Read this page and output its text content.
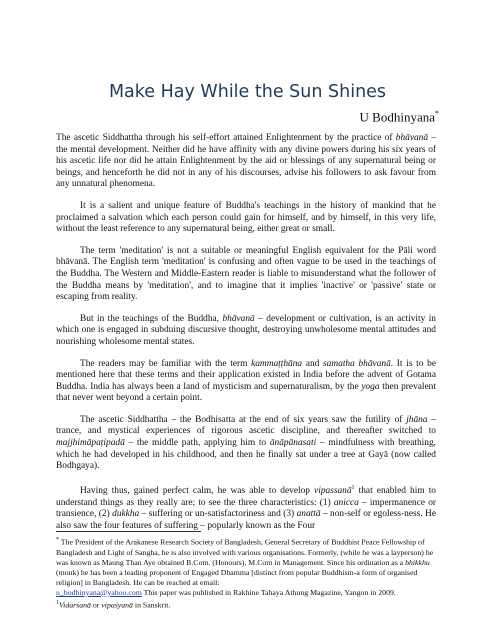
Make Hay While the Sun Shines
U Bodhinyana*

The ascetic Siddhattha through his self-effort attained Enlightenment by the practice of bhāvanā – the mental development. Neither did he have affinity with any divine powers during his six years of his ascetic life nor did he attain Enlightenment by the aid or blessings of any supernatural being or beings, and henceforth he did not in any of his discourses, advise his followers to ask favour from any unnatural phenomena.

It is a salient and unique feature of Buddha's teachings in the history of mankind that he proclaimed a salvation which each person could gain for himself, and by himself, in this very life, without the least reference to any supernatural being, either great or small.

The term 'meditation' is not a suitable or meaningful English equivalent for the Pāli word bhāvanā. The English term 'meditation' is confusing and often vague to be used in the teachings of the Buddha. The Western and Middle-Eastern reader is liable to misunderstand what the follower of the Buddha means by 'meditation', and to imagine that it implies 'inactive' or 'passive' state or escaping from reality.

But in the teachings of the Buddha, bhāvanā – development or cultivation, is an activity in which one is engaged in subduing discursive thought, destroying unwholesome mental attitudes and nourishing wholesome mental states.

The readers may be familiar with the term kammaṭṭhāna and samatha bhāvanā. It is to be mentioned here that these terms and their application existed in India before the advent of Gotama Buddha. India has always been a land of mysticism and supernaturalism, by the yoga then prevalent that never went beyond a certain point.

The ascetic Siddhattha – the Bodhisatta at the end of six years saw the futility of jhāna – trance, and mystical experiences of rigorous ascetic discipline, and thereafter switched to majjhimāpaṭipadā – the middle path, applying him to ānāpānasati – mindfulness with breathing, which he had developed in his childhood, and then he finally sat under a tree at Gayā (now called Bodhgaya).

Having thus, gained perfect calm, he was able to develop vipassanā$^1$ that enabled him to understand things as they really are; to see the three characteristics: (1) anicca – impermanence or transience, (2) dukkha – suffering or un-satisfactoriness and (3) anattā – non-self or egoless-ness. He also saw the four features of suffering – popularly known as the Four

* The President of the Arakanese Research Society of Bangladesh, General Secretary of Buddhist Peace Fellowship of Bangladesh and Light of Sangha, he is also involved with various organisations. Formerly, (while he was a layperson) he was known as Maung Than Aye obtained B.Com. (Honours), M.Com in Management. Since his ordination as a bhikkhu (monk) he has been a leading proponent of Engaged Dhamma [distinct from popular Buddhism-a form of organised religion] in Bangladesh. He can be reached at email:
u_bodhinyana@yahoo.com This paper was published in Rakhine Tahaya Athung Magazine, Yangon in 2009.

$^1$Vidarśanā or vipaśyanā in Sanskrit.
